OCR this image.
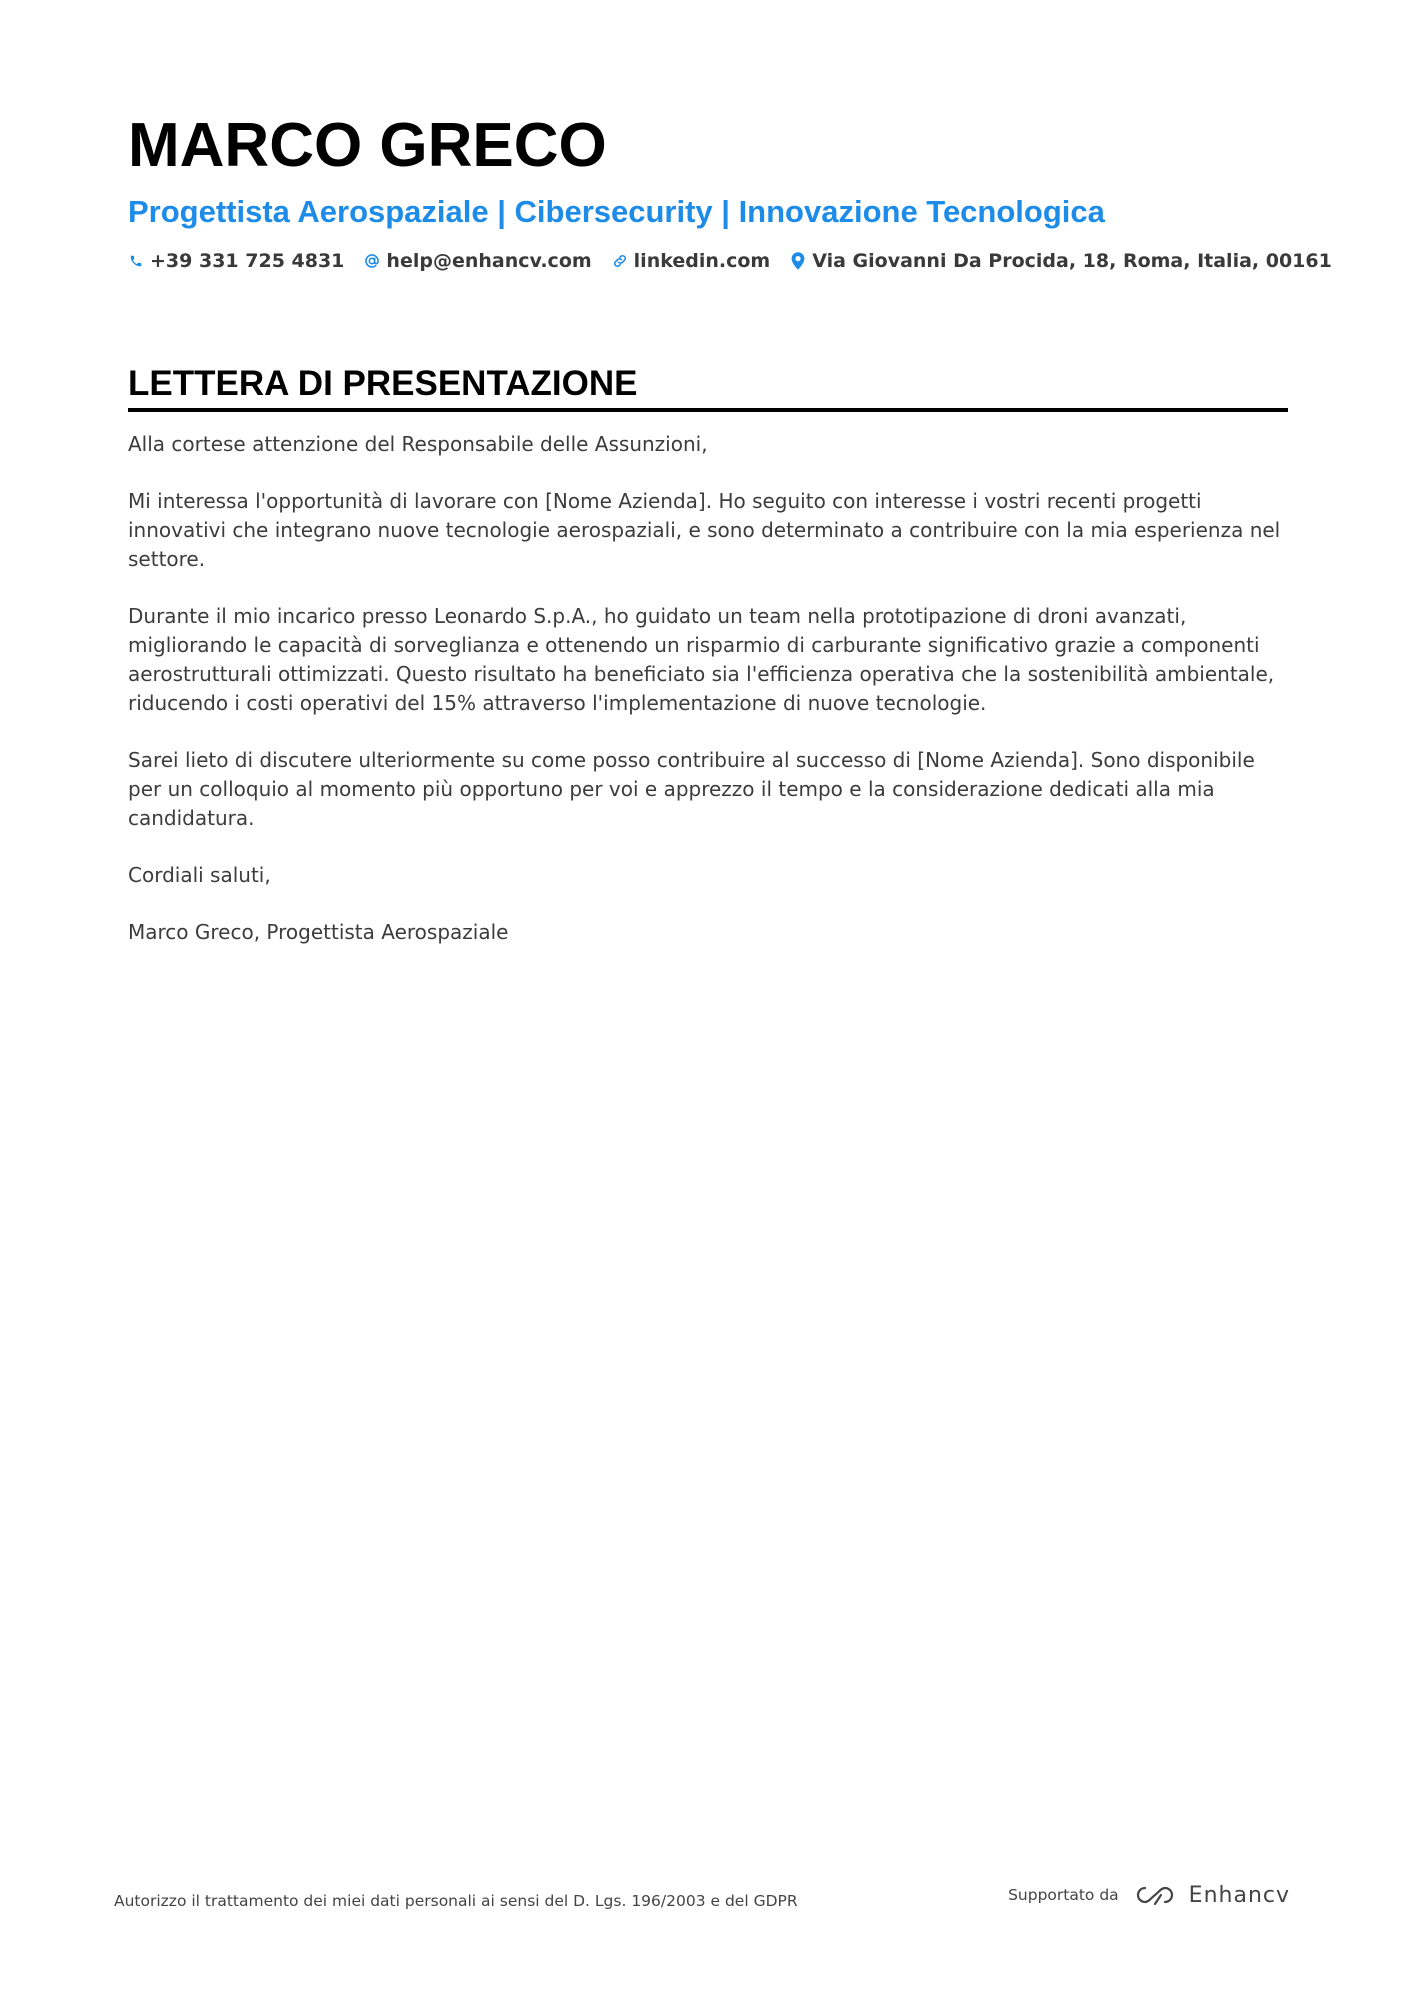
MARCO GRECO
Progettista Aerospaziale | Cibersecurity | Innovazione Tecnologica
+39 331 725 4831 help@enhancv.com linkedin.com Via Giovanni Da Procida, 18, Roma, Italia, 00161
LETTERA DI PRESENTAZIONE

Alla cortese attenzione del Responsabile delle Assunzioni,

Mi interessa l'opportunità di lavorare con [Nome Azienda]. Ho seguito con interesse i vostri recenti progetti innovativi che integrano nuove tecnologie aerospaziali, e sono determinato a contribuire con la mia esperienza nel settore.

Durante il mio incarico presso Leonardo S.p.A., ho guidato un team nella prototipazione di droni avanzati, migliorando le capacità di sorveglianza e ottenendo un risparmio di carburante significativo grazie a componenti aerostrutturali ottimizzati. Questo risultato ha beneficiato sia l'efficienza operativa che la sostenibilità ambientale, riducendo i costi operativi del 15% attraverso l'implementazione di nuove tecnologie.

Sarei lieto di discutere ulteriormente su come posso contribuire al successo di [Nome Azienda]. Sono disponibile per un colloquio al momento più opportuno per voi e apprezzo il tempo e la considerazione dedicati alla mia candidatura.

Cordiali saluti,

Marco Greco, Progettista Aerospaziale

Autorizzo il trattamento dei miei dati personali ai sensi del D. Lgs. 196/2003 e del GDPR	Supportato da	Enhancv
